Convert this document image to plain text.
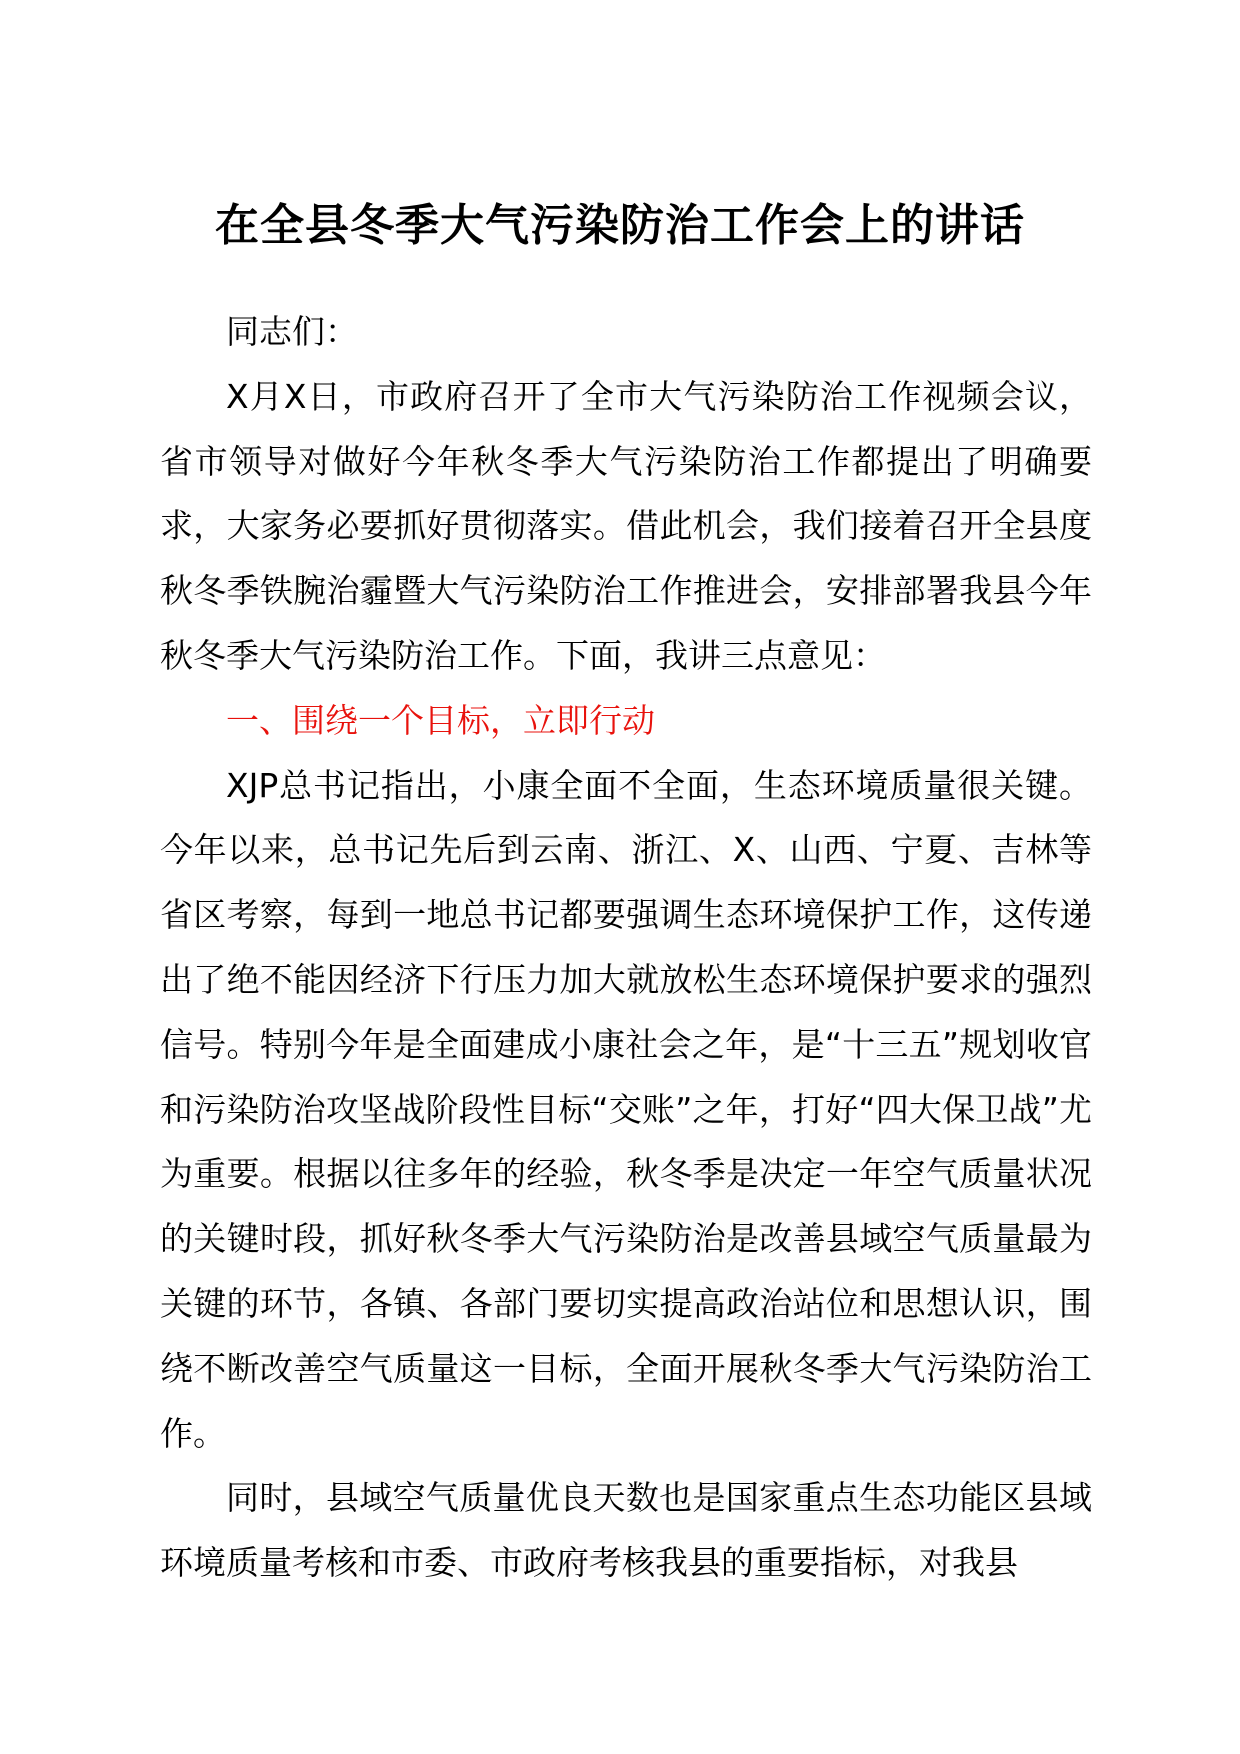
在全县冬季大气污染防治工作会上的讲话

同志们：

X月X日，市政府召开了全市大气污染防治工作视频会议，省市领导对做好今年秋冬季大气污染防治工作都提出了明确要求，大家务必要抓好贯彻落实。借此机会，我们接着召开全县度秋冬季铁腕治霾暨大气污染防治工作推进会，安排部署我县今年秋冬季大气污染防治工作。下面，我讲三点意见：

一、围绕一个目标，立即行动

XJP总书记指出，小康全面不全面，生态环境质量很关键。今年以来，总书记先后到云南、浙江、X、山西、宁夏、吉林等省区考察，每到一地总书记都要强调生态环境保护工作，这传递出了绝不能因经济下行压力加大就放松生态环境保护要求的强烈信号。特别今年是全面建成小康社会之年，是“十三五”规划收官和污染防治攻坚战阶段性目标“交账”之年，打好“四大保卫战”尤为重要。根据以往多年的经验，秋冬季是决定一年空气质量状况的关键时段，抓好秋冬季大气污染防治是改善县域空气质量最为关键的环节，各镇、各部门要切实提高政治站位和思想认识，围绕不断改善空气质量这一目标，全面开展秋冬季大气污染防治工作。

同时，县域空气质量优良天数也是国家重点生态功能区县域环境质量考核和市委、市政府考核我县的重要指标，对我县
